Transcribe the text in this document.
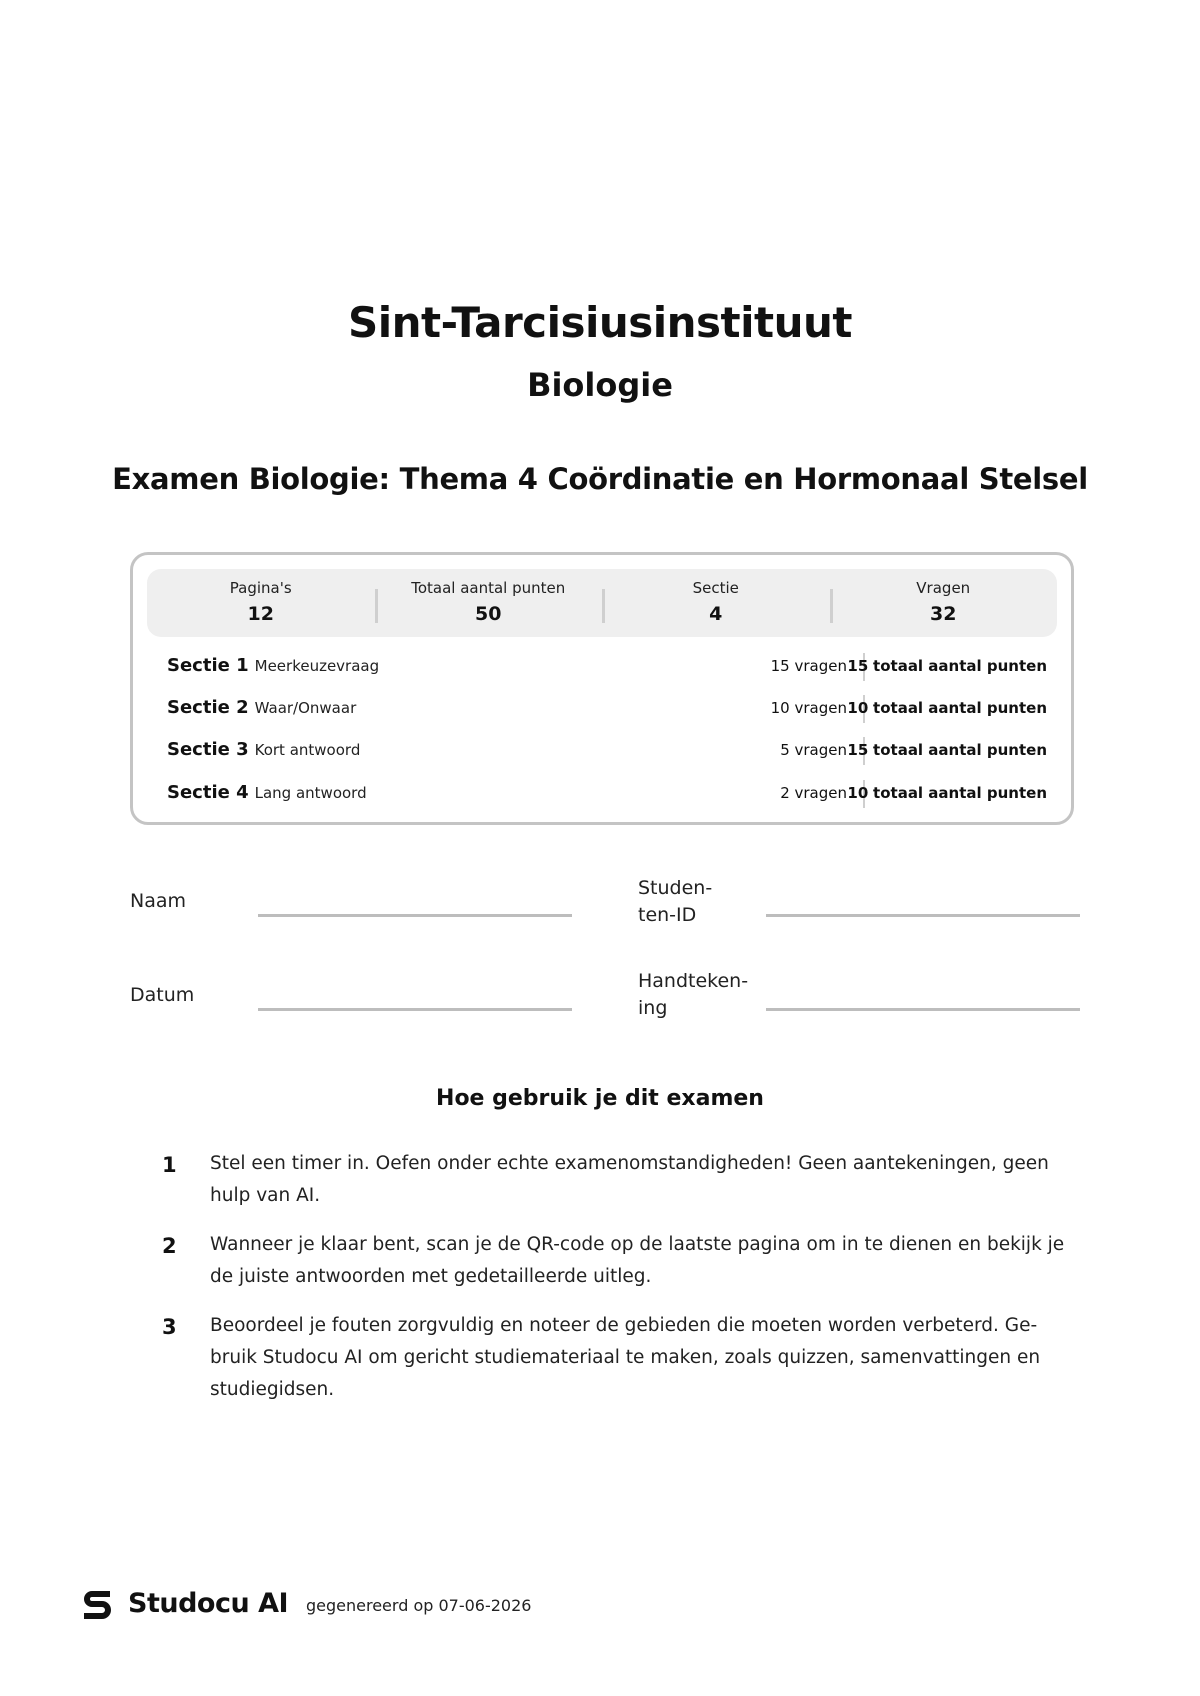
Sint-Tarcisiusinstituut
Biologie
Examen Biologie: Thema 4 Coördinatie en Hormonaal Stelsel
Pagina's
12
Totaal aantal punten
50
Sectie
4
Vragen
32
Sectie 1 Meerkeuzevraag	15 vragen 15 totaal aantal punten
Sectie 2 Waar/Onwaar	10 vragen 10 totaal aantal punten
Sectie 3 Kort antwoord	5 vragen 15 totaal aantal punten
Sectie 4 Lang antwoord	2 vragen 10 totaal aantal punten
Naam
Studen-
ten-ID
Datum
Handteken-
ing
Hoe gebruik je dit examen
1 Stel een timer in. Oefen onder echte examenomstandigheden! Geen aantekeningen, geen
hulp van AI.
2 Wanneer je klaar bent, scan je de QR-code op de laatste pagina om in te dienen en bekijk je
de juiste antwoorden met gedetailleerde uitleg.
3 Beoordeel je fouten zorgvuldig en noteer de gebieden die moeten worden verbeterd. Ge-
bruik Studocu AI om gericht studiemateriaal te maken, zoals quizzen, samenvattingen en
studiegidsen.
Studocu AI gegenereerd op 07-06-2026
